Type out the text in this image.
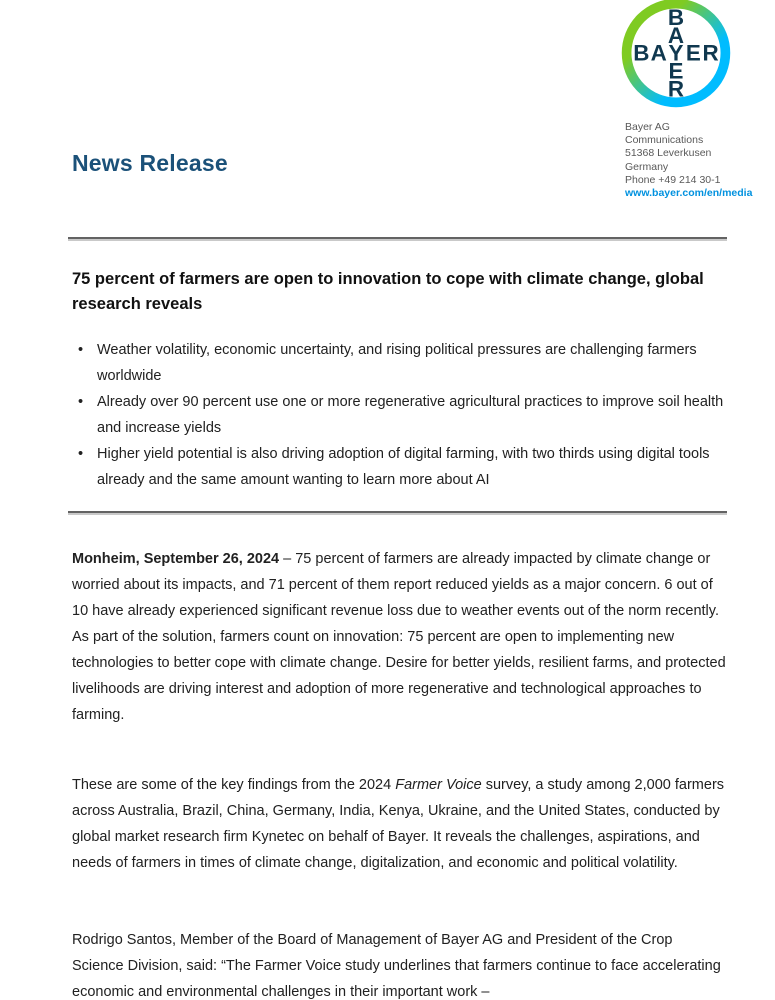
B A Y E R
B
A
E
R
News Release
Bayer AG
Communications
51368 Leverkusen
Germany
Phone +49 214 30-1
www.bayer.com/en/media
75 percent of farmers are open to innovation to cope with climate change, global research reveals
• Weather volatility, economic uncertainty, and rising political pressures are challenging farmers worldwide
• Already over 90 percent use one or more regenerative agricultural practices to improve soil health and increase yields
• Higher yield potential is also driving adoption of digital farming, with two thirds using digital tools already and the same amount wanting to learn more about AI
Monheim, September 26, 2024 – 75 percent of farmers are already impacted by climate change or worried about its impacts, and 71 percent of them report reduced yields as a major concern. 6 out of 10 have already experienced significant revenue loss due to weather events out of the norm recently. As part of the solution, farmers count on innovation: 75 percent are open to implementing new technologies to better cope with climate change. Desire for better yields, resilient farms, and protected livelihoods are driving interest and adoption of more regenerative and technological approaches to farming.
These are some of the key findings from the 2024 Farmer Voice survey, a study among 2,000 farmers across Australia, Brazil, China, Germany, India, Kenya, Ukraine, and the United States, conducted by global market research firm Kynetec on behalf of Bayer. It reveals the challenges, aspirations, and needs of farmers in times of climate change, digitalization, and economic and political volatility.
Rodrigo Santos, Member of the Board of Management of Bayer AG and President of the Crop Science Division, said: “The Farmer Voice study underlines that farmers continue to face accelerating economic and environmental challenges in their important work –
